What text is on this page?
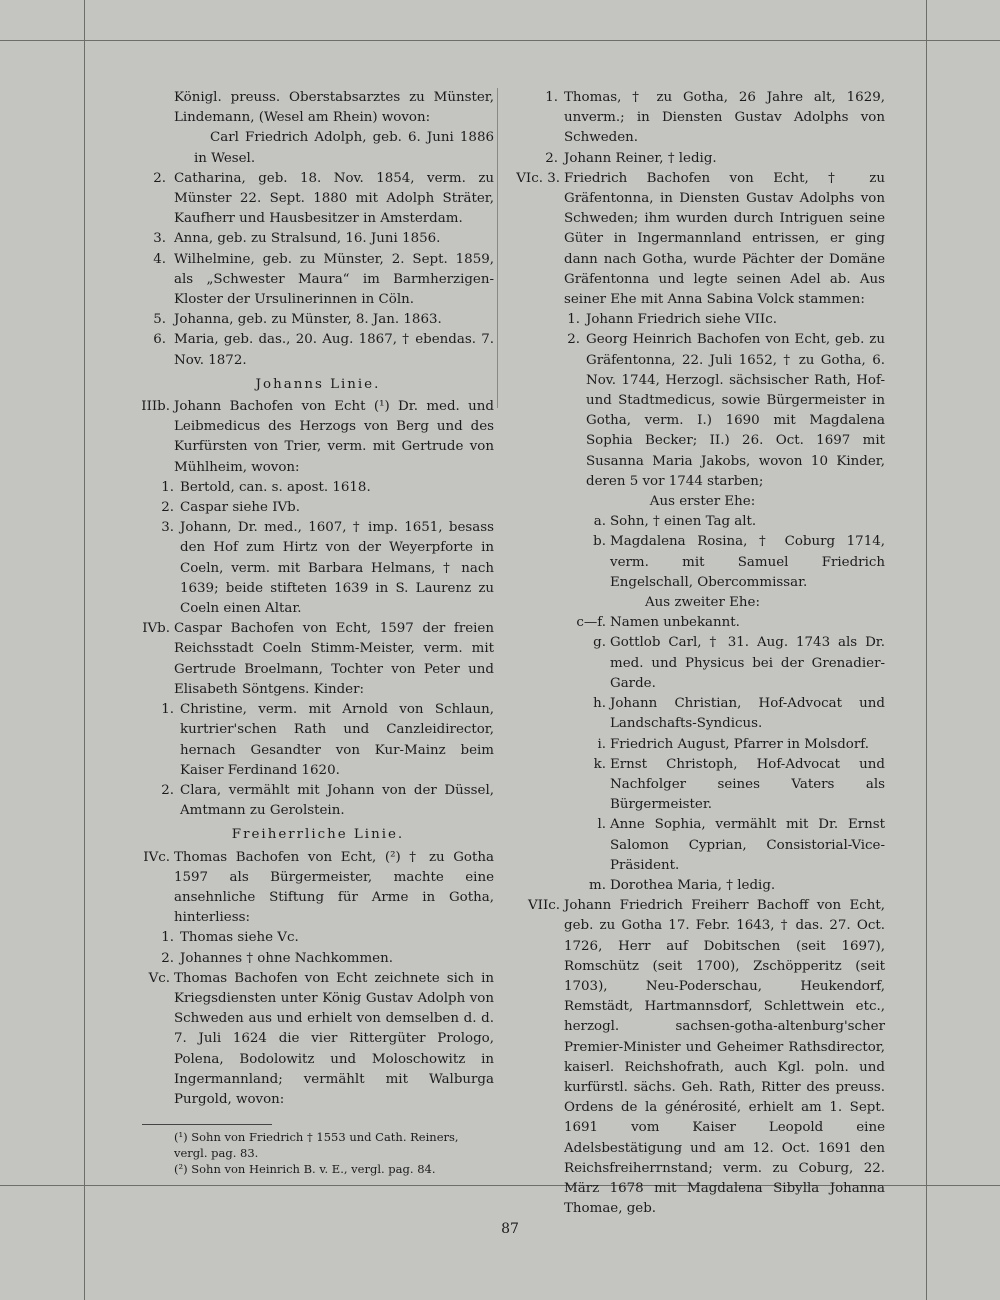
Königl. preuss. Oberstabsarztes zu Münster, Lindemann, (Wesel am Rhein) wovon:
Carl Friedrich Adolph, geb. 6. Juni 1886 in Wesel.
2. Catharina, geb. 18. Nov. 1854, verm. zu Münster 22. Sept. 1880 mit Adolph Sträter, Kaufherr und Hausbesitzer in Amsterdam.
3. Anna, geb. zu Stralsund, 16. Juni 1856.
4. Wilhelmine, geb. zu Münster, 2. Sept. 1859, als „Schwester Maura“ im Barmherzigen-Kloster der Ursulinerinnen in Cöln.
5. Johanna, geb. zu Münster, 8. Jan. 1863.
6. Maria, geb. das., 20. Aug. 1867, † ebendas. 7. Nov. 1872.
Johanns Linie.
IIIb. Johann Bachofen von Echt (¹) Dr. med. und Leibmedicus des Herzogs von Berg und des Kurfürsten von Trier, verm. mit Gertrude von Mühlheim, wovon:
1. Bertold, can. s. apost. 1618.
2. Caspar siehe IVb.
3. Johann, Dr. med., 1607, † imp. 1651, besass den Hof zum Hirtz von der Weyerpforte in Coeln, verm. mit Barbara Helmans, † nach 1639; beide stifteten 1639 in S. Laurenz zu Coeln einen Altar.
IVb. Caspar Bachofen von Echt, 1597 der freien Reichsstadt Coeln Stimm-Meister, verm. mit Gertrude Broelmann, Tochter von Peter und Elisabeth Söntgens. Kinder:
1. Christine, verm. mit Arnold von Schlaun, kurtrier'schen Rath und Canzleidirector, hernach Gesandter von Kur-Mainz beim Kaiser Ferdinand 1620.
2. Clara, vermählt mit Johann von der Düssel, Amtmann zu Gerolstein.
Freiherrliche Linie.
IVc. Thomas Bachofen von Echt, (²) † zu Gotha 1597 als Bürgermeister, machte eine ansehnliche Stiftung für Arme in Gotha, hinterliess:
1. Thomas siehe Vc.
2. Johannes † ohne Nachkommen.
Vc. Thomas Bachofen von Echt zeichnete sich in Kriegsdiensten unter König Gustav Adolph von Schweden aus und erhielt von demselben d. d. 7. Juli 1624 die vier Rittergüter Prologo, Polena, Bodolowitz und Moloschowitz in Ingermannland; vermählt mit Walburga Purgold, wovon:
(¹) Sohn von Friedrich † 1553 und Cath. Reiners, vergl. pag. 83.
(²) Sohn von Heinrich B. v. E., vergl. pag. 84.
1. Thomas, † zu Gotha, 26 Jahre alt, 1629, unverm.; in Diensten Gustav Adolphs von Schweden.
2. Johann Reiner, † ledig.
VIc. 3. Friedrich Bachofen von Echt, † zu Gräfentonna, in Diensten Gustav Adolphs von Schweden; ihm wurden durch Intriguen seine Güter in Ingermannland entrissen, er ging dann nach Gotha, wurde Pächter der Domäne Gräfentonna und legte seinen Adel ab. Aus seiner Ehe mit Anna Sabina Volck stammen:
1. Johann Friedrich siehe VIIc.
2. Georg Heinrich Bachofen von Echt, geb. zu Gräfentonna, 22. Juli 1652, † zu Gotha, 6. Nov. 1744, Herzogl. sächsischer Rath, Hof- und Stadtmedicus, sowie Bürgermeister in Gotha, verm. I.) 1690 mit Magdalena Sophia Becker; II.) 26. Oct. 1697 mit Susanna Maria Jakobs, wovon 10 Kinder, deren 5 vor 1744 starben;
Aus erster Ehe:
a. Sohn, † einen Tag alt.
b. Magdalena Rosina, † Coburg 1714, verm. mit Samuel Friedrich Engelschall, Obercommissar.
Aus zweiter Ehe:
c—f. Namen unbekannt.
g. Gottlob Carl, † 31. Aug. 1743 als Dr. med. und Physicus bei der Grenadier-Garde.
h. Johann Christian, Hof-Advocat und Landschafts-Syndicus.
i. Friedrich August, Pfarrer in Molsdorf.
k. Ernst Christoph, Hof-Advocat und Nachfolger seines Vaters als Bürgermeister.
l. Anne Sophia, vermählt mit Dr. Ernst Salomon Cyprian, Consistorial-Vice-Präsident.
m. Dorothea Maria, † ledig.
VIIc. Johann Friedrich Freiherr Bachoff von Echt, geb. zu Gotha 17. Febr. 1643, † das. 27. Oct. 1726, Herr auf Dobitschen (seit 1697), Romschütz (seit 1700), Zschöpperitz (seit 1703), Neu-Poderschau, Heukendorf, Remstädt, Hartmannsdorf, Schlettwein etc., herzogl. sachsen-gotha-altenburg'scher Premier-Minister und Geheimer Rathsdirector, kaiserl. Reichshofrath, auch Kgl. poln. und kurfürstl. sächs. Geh. Rath, Ritter des preuss. Ordens de la générosité, erhielt am 1. Sept. 1691 vom Kaiser Leopold eine Adelsbestätigung und am 12. Oct. 1691 den Reichsfreiherrnstand; verm. zu Coburg, 22. März 1678 mit Magdalena Sibylla Johanna Thomae, geb.
87
